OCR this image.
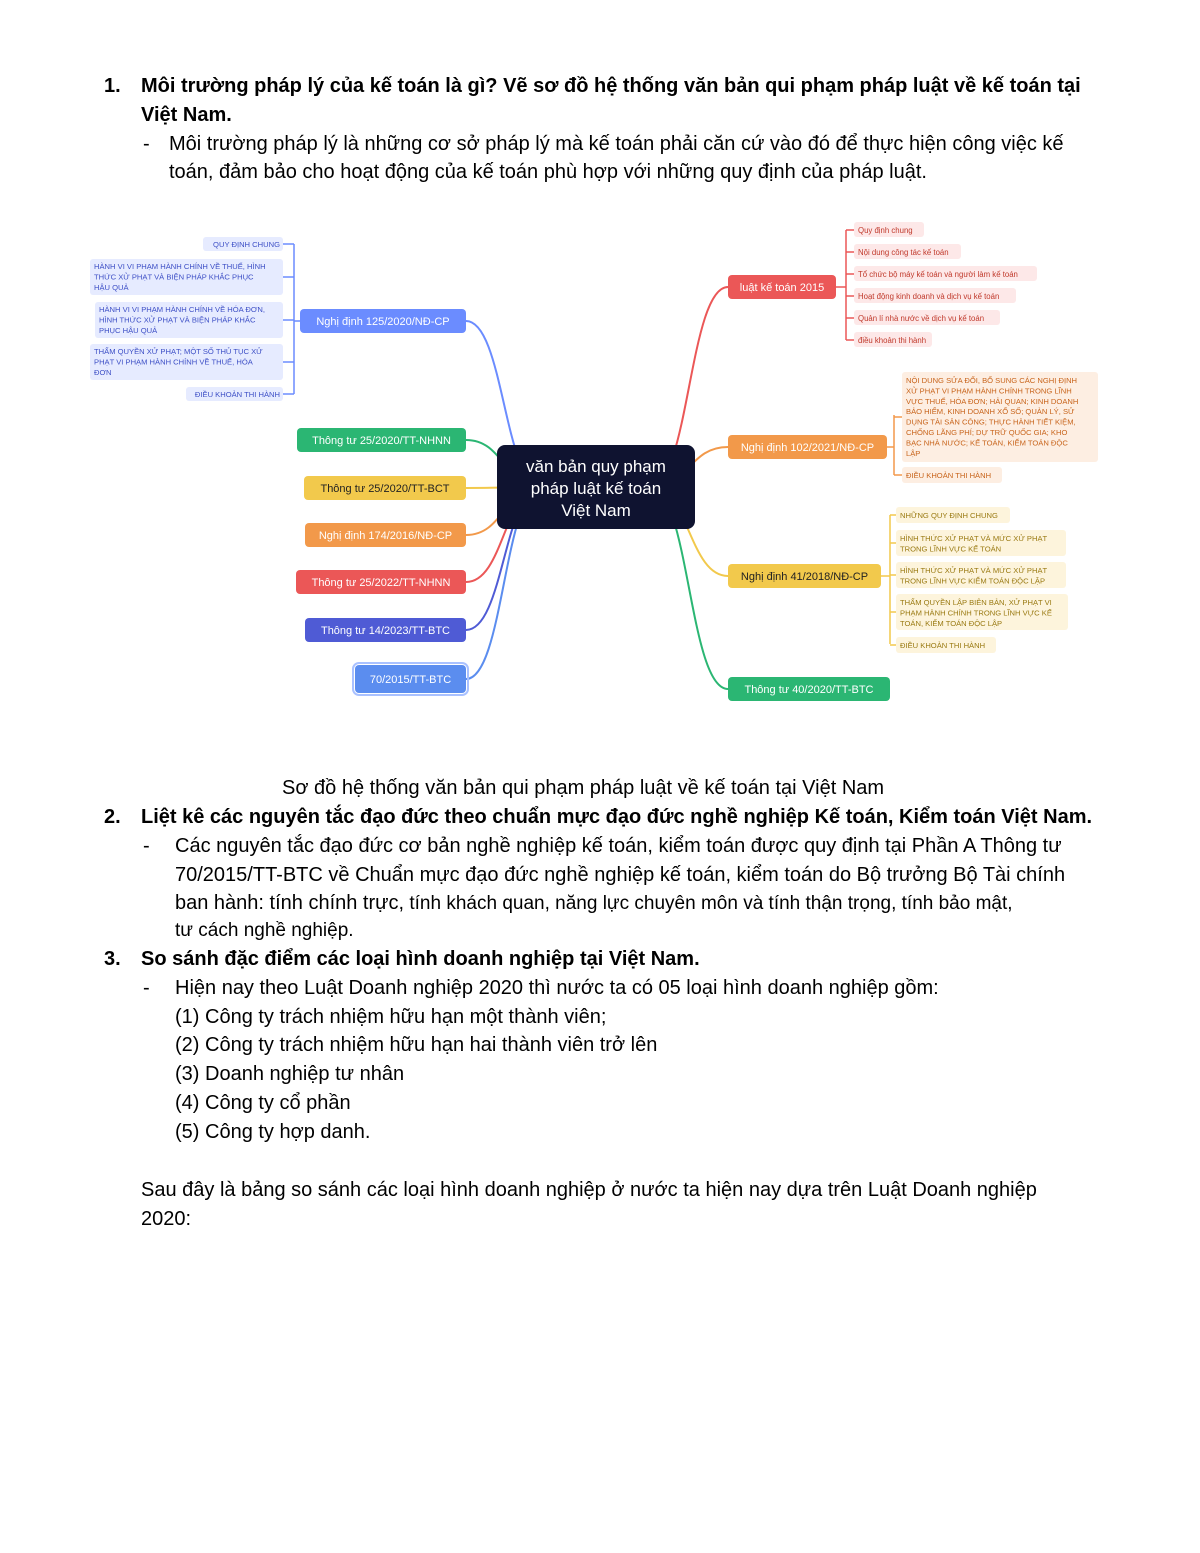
1. Môi trường pháp lý của kế toán là gì? Vẽ sơ đồ hệ thống văn bản qui phạm pháp luật về kế toán tại
Việt Nam.
- Môi trường pháp lý là những cơ sở pháp lý mà kế toán phải căn cứ vào đó để thực hiện công việc kế
toán, đảm bảo cho hoạt động của kế toán phù hợp với những quy định của pháp luật.
văn bản quy phạm pháp luật kế toán Việt Nam
Nghị định 125/2020/NĐ-CP
Thông tư 25/2020/TT-NHNN
Thông tư 25/2020/TT-BCT
Nghị định 174/2016/NĐ-CP
Thông tư 25/2022/TT-NHNN
Thông tư 14/2023/TT-BTC
70/2015/TT-BTC
QUY ĐỊNH CHUNG
HÀNH VI VI PHẠM HÀNH CHÍNH VỀ THUẾ, HÌNH THỨC XỬ PHẠT VÀ BIỆN PHÁP KHẮC PHỤC HẬU QUẢ
HÀNH VI VI PHẠM HÀNH CHÍNH VỀ HÓA ĐƠN, HÌNH THỨC XỬ PHẠT VÀ BIỆN PHÁP KHẮC PHỤC HẬU QUẢ
THẨM QUYỀN XỬ PHẠT; MỘT SỐ THỦ TỤC XỬ PHẠT VI PHẠM HÀNH CHÍNH VỀ THUẾ, HÓA ĐƠN
ĐIỀU KHOẢN THI HÀNH
luật kế toán 2015
Nghị định 102/2021/NĐ-CP
Nghị định 41/2018/NĐ-CP
Thông tư 40/2020/TT-BTC
Quy định chung
Nội dung công tác kế toán
Tổ chức bộ máy kế toán và người làm kế toán
Hoạt động kinh doanh và dịch vụ kế toán
Quản lí nhà nước về dịch vụ kế toán
điều khoản thi hành
NỘI DUNG SỬA ĐỔI, BỔ SUNG CÁC NGHỊ ĐỊNH XỬ PHẠT VI PHẠM HÀNH CHÍNH TRONG LĨNH VỰC THUẾ, HÓA ĐƠN; HẢI QUAN; KINH DOANH BẢO HIỂM, KINH DOANH XỔ SỐ; QUẢN LÝ, SỬ DỤNG TÀI SẢN CÔNG; THỰC HÀNH TIẾT KIỆM, CHỐNG LÃNG PHÍ; DỰ TRỮ QUỐC GIA; KHO BẠC NHÀ NƯỚC; KẾ TOÁN, KIỂM TOÁN ĐỘC LẬP
ĐIỀU KHOẢN THI HÀNH
NHỮNG QUY ĐỊNH CHUNG
HÌNH THỨC XỬ PHẠT VÀ MỨC XỬ PHẠT TRONG LĨNH VỰC KẾ TOÁN
HÌNH THỨC XỬ PHẠT VÀ MỨC XỬ PHẠT TRONG LĨNH VỰC KIỂM TOÁN ĐỘC LẬP
THẨM QUYỀN LẬP BIÊN BẢN, XỬ PHẠT VI PHẠM HÀNH CHÍNH TRONG LĨNH VỰC KẾ TOÁN, KIỂM TOÁN ĐỘC LẬP
ĐIỀU KHOẢN THI HÀNH
Sơ đồ hệ thống văn bản qui phạm pháp luật về kế toán tại Việt Nam
2. Liệt kê các nguyên tắc đạo đức theo chuẩn mực đạo đức nghề nghiệp Kế toán, Kiểm toán Việt Nam.
- Các nguyên tắc đạo đức cơ bản nghề nghiệp kế toán, kiểm toán được quy định tại Phần A Thông tư
70/2015/TT-BTC về Chuẩn mực đạo đức nghề nghiệp kế toán, kiểm toán do Bộ trưởng Bộ Tài chính
ban hành: tính chính trực, tính khách quan, năng lực chuyên môn và tính thận trọng, tính bảo mật,
tư cách nghề nghiệp.
3. So sánh đặc điểm các loại hình doanh nghiệp tại Việt Nam.
- Hiện nay theo Luật Doanh nghiệp 2020 thì nước ta có 05 loại hình doanh nghiệp gồm:
(1) Công ty trách nhiệm hữu hạn một thành viên;
(2) Công ty trách nhiệm hữu hạn hai thành viên trở lên
(3) Doanh nghiệp tư nhân
(4) Công ty cổ phần
(5) Công ty hợp danh.
Sau đây là bảng so sánh các loại hình doanh nghiệp ở nước ta hiện nay dựa trên Luật Doanh nghiệp
2020:
